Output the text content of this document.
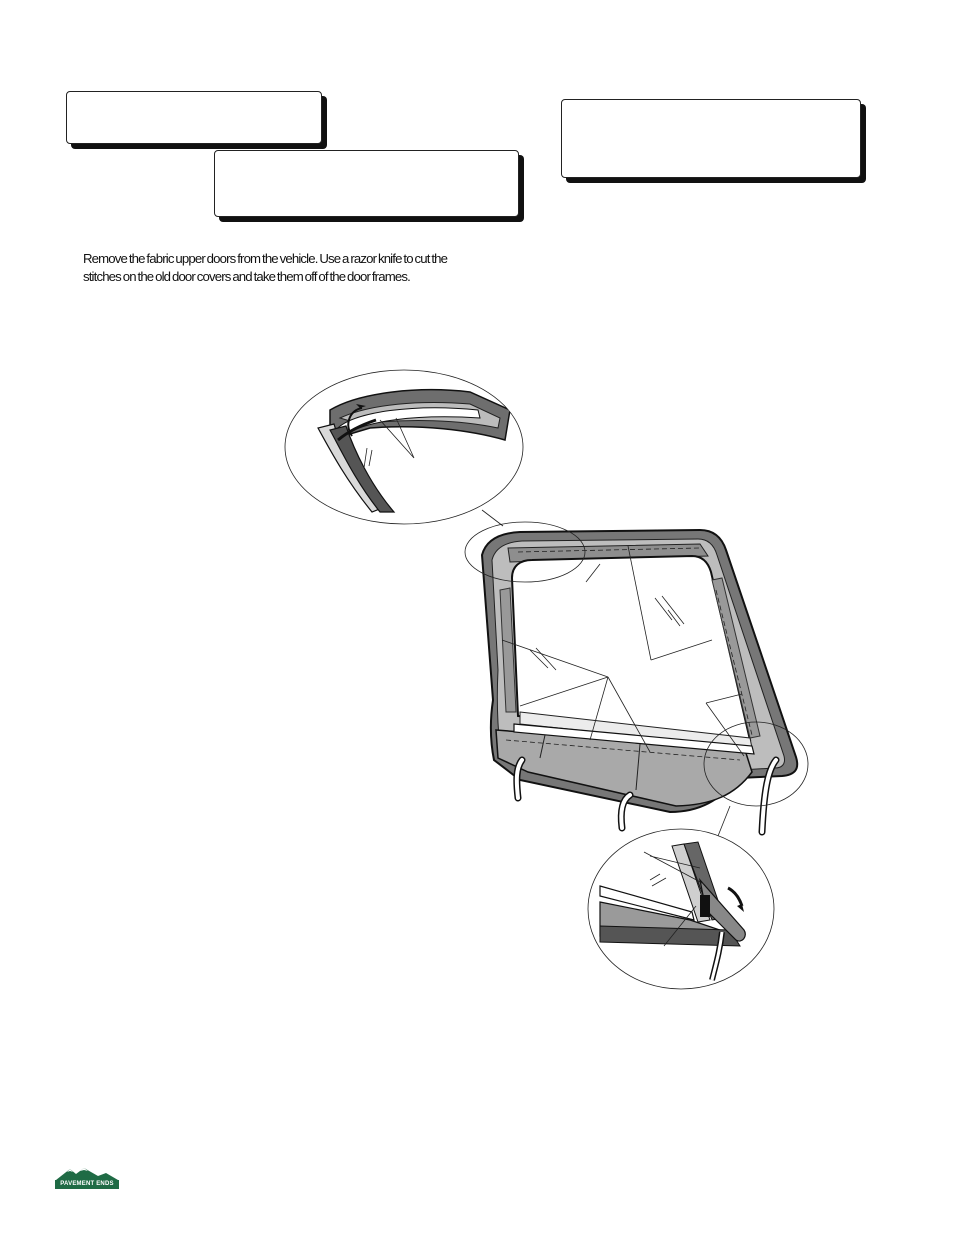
Remove the fabric upper doors from the vehicle. Use a razor knife to cut the stitches on the old door covers and take them off of the door frames.

PAVEMENT ENDS
